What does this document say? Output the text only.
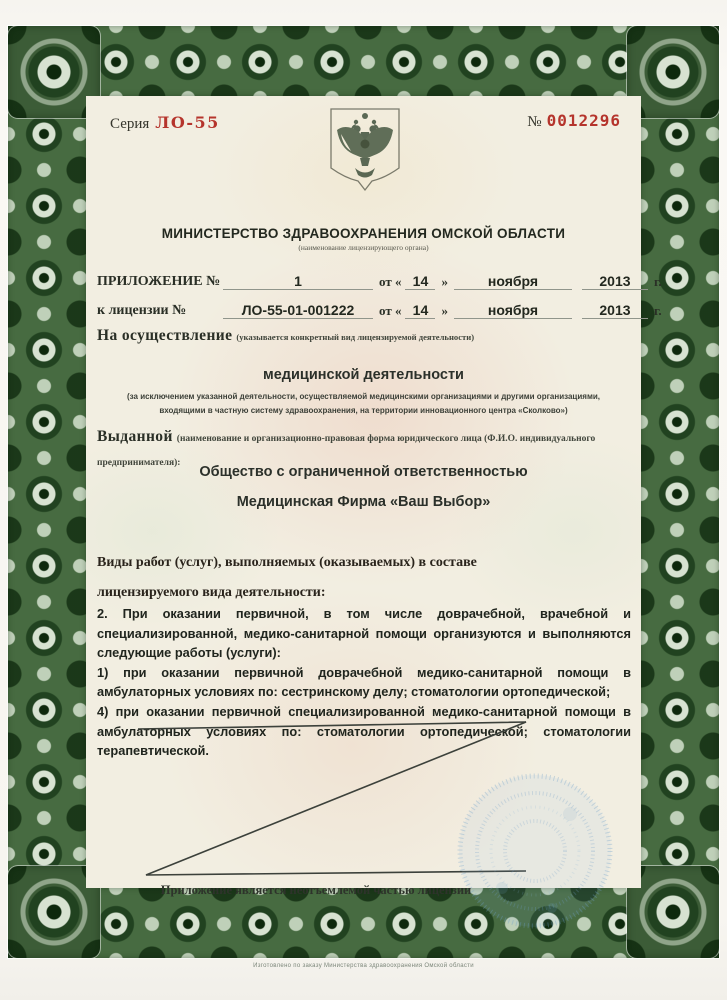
Серия ЛО-55	№ 0012296
МИНИСТЕРСТВО ЗДРАВООХРАНЕНИЯ ОМСКОЙ ОБЛАСТИ
(наименование лицензирующего органа)
ПРИЛОЖЕНИЕ №	1	от « 14	»	ноября	2013	г.
к лицензии №	ЛО-55-01-001222	от « 14	»	ноября	2013	г.
На осуществление (указывается конкретный вид лицензируемой деятельности)
медицинской деятельности
(за исключением указанной деятельности, осуществляемой медицинскими организациями и другими организациями, входящими в частную систему здравоохранения, на территории инновационного центра «Сколково»)
Выданной (наименование и организационно-правовая форма юридического лица (Ф.И.О. индивидуального предпринимателя):
Общество с ограниченной ответственностью
Медицинская Фирма «Ваш Выбор»
Виды работ (услуг), выполняемых (оказываемых) в составе лицензируемого вида деятельности:

2. При оказании первичной, в том числе доврачебной, врачебной и специализированной, медико-санитарной помощи организуются и выполняются следующие работы (услуги):

1) при оказании первичной доврачебной медико-санитарной помощи в амбулаторных условиях по: сестринскому делу; стоматологии ортопедической;

4) при оказании первичной специализированной медико-санитарной помощи в амбулаторных условиях по: стоматологии ортопедической; стоматологии терапевтической.

Приложение является неотъемлемой частью лицензии
Изготовлено по заказу Министерства здравоохранения Омской области
